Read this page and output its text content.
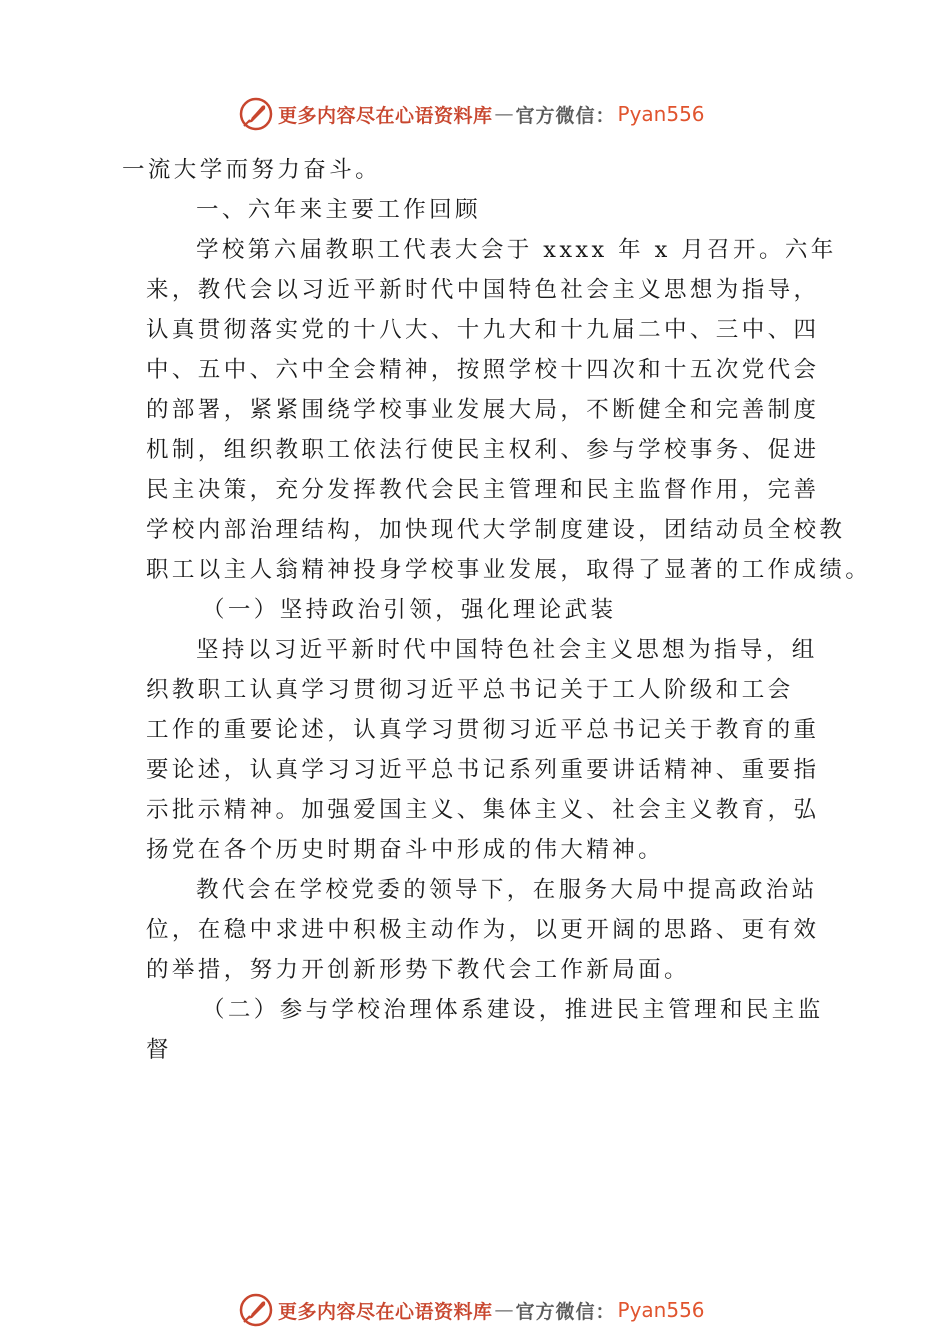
更多内容尽在心语资料库 — 官方微信： Pyan556
一流大学而努力奋斗。
一、六年来主要工作回顾
学校第六届教职工代表大会于 xxxx 年 x 月召开。六年
来，教代会以习近平新时代中国特色社会主义思想为指导，
认真贯彻落实党的十八大、十九大和十九届二中、三中、四
中、五中、六中全会精神，按照学校十四次和十五次党代会
的部署，紧紧围绕学校事业发展大局，不断健全和完善制度
机制，组织教职工依法行使民主权利、参与学校事务、促进
民主决策，充分发挥教代会民主管理和民主监督作用，完善
学校内部治理结构，加快现代大学制度建设，团结动员全校教
职工以主人翁精神投身学校事业发展，取得了显著的工作成绩。
（一）坚持政治引领，强化理论武装
坚持以习近平新时代中国特色社会主义思想为指导，组
织教职工认真学习贯彻习近平总书记关于工人阶级和工会
工作的重要论述，认真学习贯彻习近平总书记关于教育的重
要论述，认真学习习近平总书记系列重要讲话精神、重要指
示批示精神。加强爱国主义、集体主义、社会主义教育，弘
扬党在各个历史时期奋斗中形成的伟大精神。
教代会在学校党委的领导下，在服务大局中提高政治站
位，在稳中求进中积极主动作为，以更开阔的思路、更有效
的举措，努力开创新形势下教代会工作新局面。
（二）参与学校治理体系建设，推进民主管理和民主监
督
更多内容尽在心语资料库 — 官方微信： Pyan556
